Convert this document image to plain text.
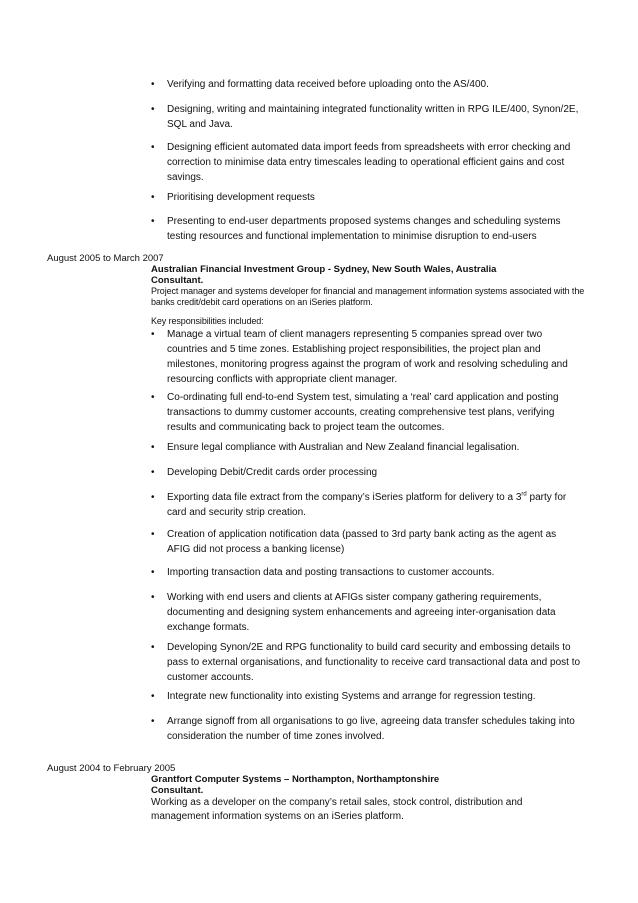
•	Verifying and formatting data received before uploading onto the AS/400.
•	Designing, writing and maintaining integrated functionality written in RPG ILE/400, Synon/2E, SQL and Java.
•	Designing efficient automated data import feeds from spreadsheets with error checking and correction to minimise data entry timescales leading to operational efficient gains and cost savings.
•	Prioritising development requests
•	Presenting to end-user departments proposed systems changes and scheduling systems testing resources and functional implementation to minimise disruption to end-users
August 2005 to March 2007
Australian Financial Investment Group - Sydney, New South Wales, Australia
Consultant.
Project manager and systems developer for financial and management information systems associated with the banks credit/debit card operations on an iSeries platform.
Key responsibilities included:
•	Manage a virtual team of client managers representing 5 companies spread over two countries and 5 time zones. Establishing project responsibilities, the project plan and milestones, monitoring progress against the program of work and resolving scheduling and resourcing conflicts with appropriate client manager.
•	Co-ordinating full end-to-end System test, simulating a ‘real’ card application and posting transactions to dummy customer accounts, creating comprehensive test plans, verifying results and communicating back to project team the outcomes.
•	Ensure legal compliance with Australian and New Zealand financial legalisation.
•	Developing Debit/Credit cards order processing
•	Exporting data file extract from the company’s iSeries platform for delivery to a 3rd party for card and security strip creation.
•	Creation of application notification data (passed to 3rd party bank acting as the agent as AFIG did not process a banking license)
•	Importing transaction data and posting transactions to customer accounts.
•	Working with end users and clients at AFIGs sister company gathering requirements, documenting and designing system enhancements and agreeing inter-organisation data exchange formats.
•	Developing Synon/2E and RPG functionality to build card security and embossing details to pass to external organisations, and functionality to receive card transactional data and post to customer accounts.
•	Integrate new functionality into existing Systems and arrange for regression testing.
•	Arrange signoff from all organisations to go live, agreeing data transfer schedules taking into consideration the number of time zones involved.
August 2004 to February 2005
Grantfort Computer Systems – Northampton, Northamptonshire
Consultant.
Working as a developer on the company’s retail sales, stock control, distribution and management information systems on an iSeries platform.
